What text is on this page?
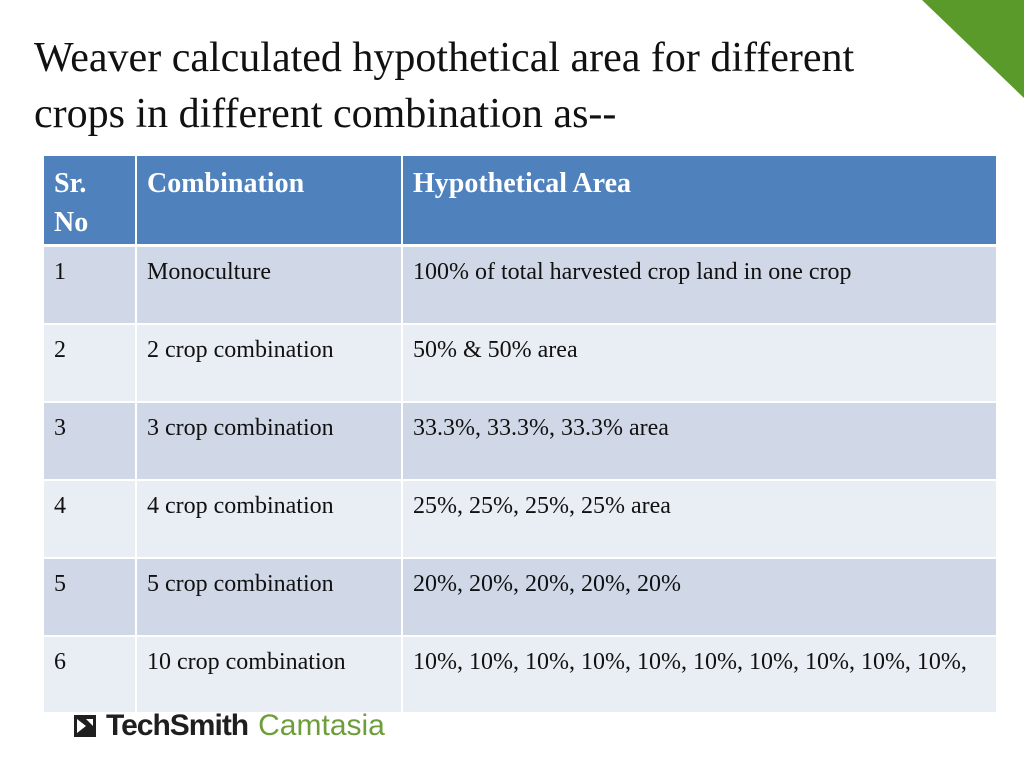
Weaver calculated hypothetical area for different crops in different combination as--
Sr. No	Combination	Hypothetical Area
1	Monoculture	100% of total harvested crop land in one crop
2	2 crop combination	50% & 50% area
3	3 crop combination	33.3%, 33.3%, 33.3% area
4	4 crop combination	25%, 25%, 25%, 25% area
5	5 crop combination	20%, 20%, 20%, 20%, 20%
6	10 crop combination	10%, 10%, 10%, 10%, 10%, 10%, 10%, 10%, 10%, 10%,
TechSmith Camtasia
